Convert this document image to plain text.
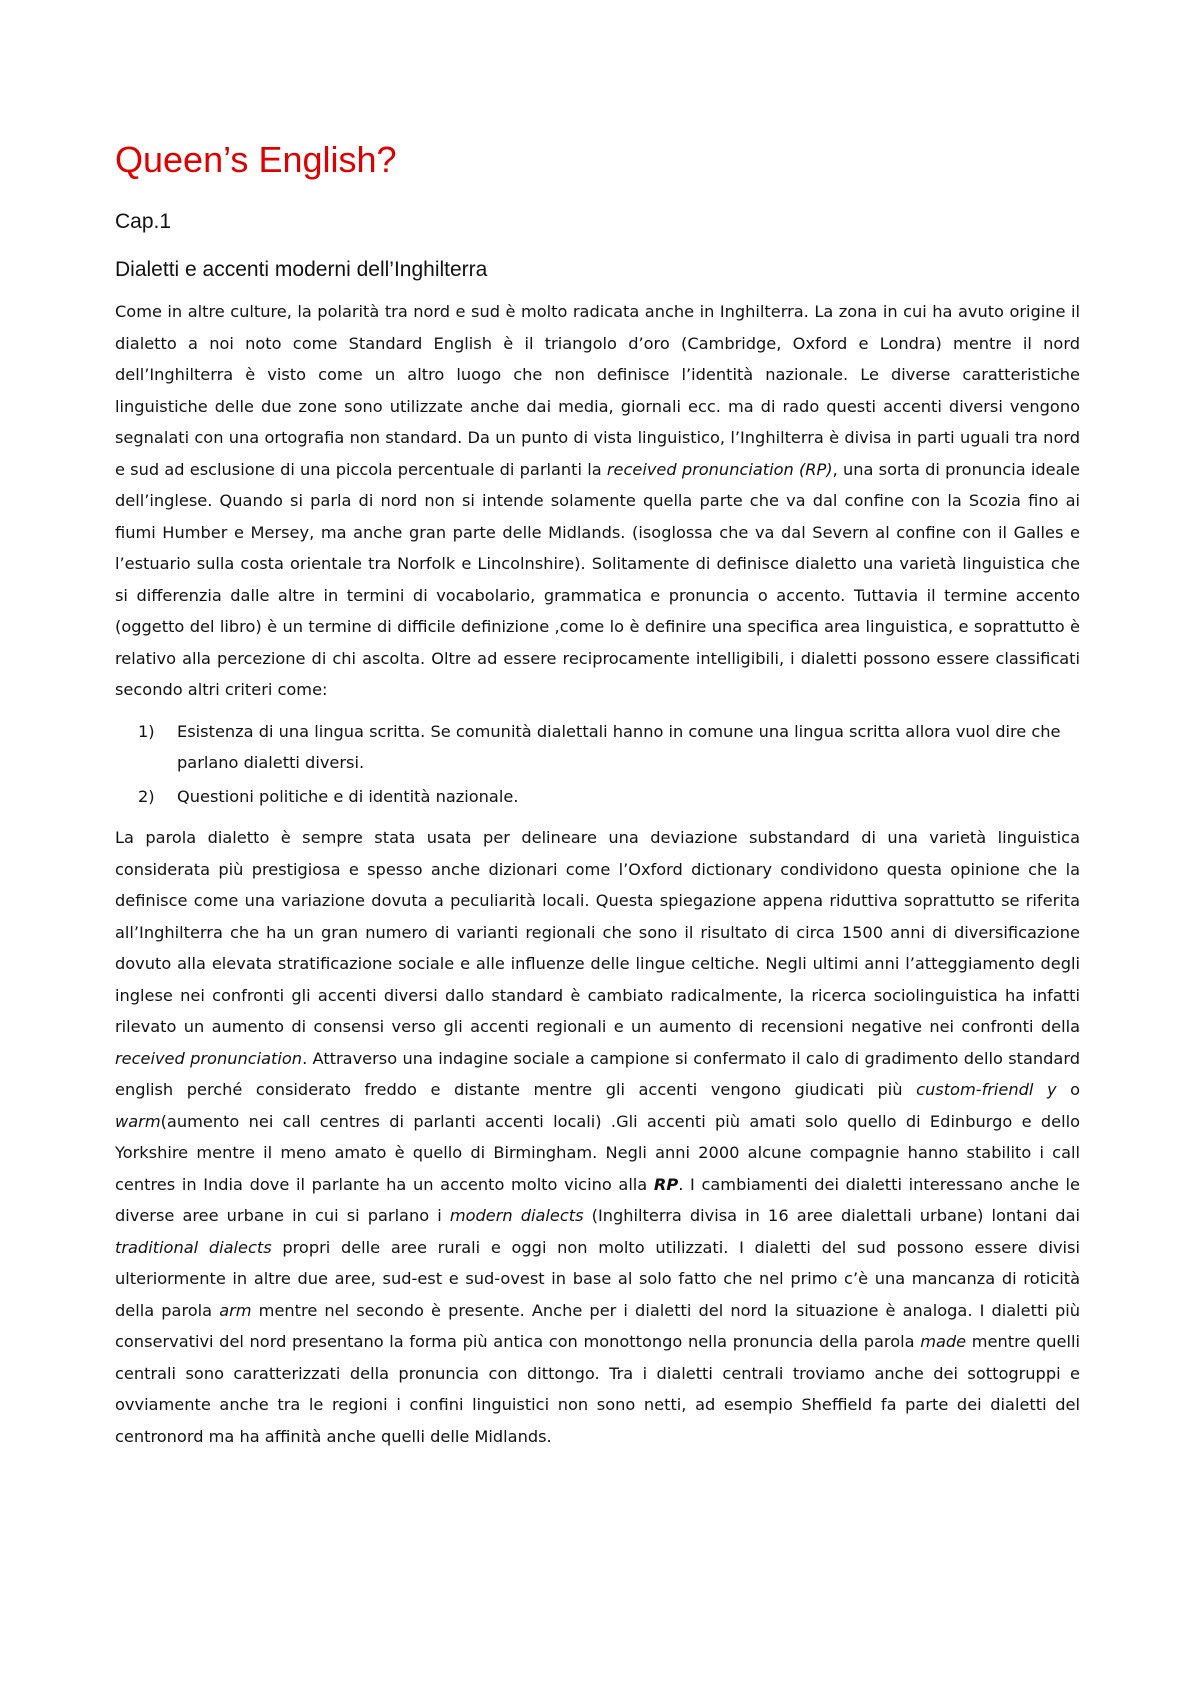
Queen’s English?
Cap.1
Dialetti e accenti moderni dell’Inghilterra

Come in altre culture, la polarità tra nord e sud è molto radicata anche in Inghilterra. La zona in cui ha avuto origine il dialetto a noi noto come Standard English è il triangolo d’oro (Cambridge, Oxford e Londra) mentre il nord dell’Inghilterra è visto come un altro luogo che non definisce l’identità nazionale. Le diverse caratteristiche linguistiche delle due zone sono utilizzate anche dai media, giornali ecc. ma di rado questi accenti diversi vengono segnalati con una ortografia non standard. Da un punto di vista linguistico, l’Inghilterra è divisa in parti uguali tra nord e sud ad esclusione di una piccola percentuale di parlanti la received pronunciation (RP), una sorta di pronuncia ideale dell’inglese. Quando si parla di nord non si intende solamente quella parte che va dal confine con la Scozia fino ai fiumi Humber e Mersey, ma anche gran parte delle Midlands. (isoglossa che va dal Severn al confine con il Galles e l’estuario sulla costa orientale tra Norfolk e Lincolnshire). Solitamente di definisce dialetto una varietà linguistica che si differenzia dalle altre in termini di vocabolario, grammatica e pronuncia o accento. Tuttavia il termine accento (oggetto del libro) è un termine di difficile definizione ,come lo è definire una specifica area linguistica, e soprattutto è relativo alla percezione di chi ascolta. Oltre ad essere reciprocamente intelligibili, i dialetti possono essere classificati secondo altri criteri come:

1) Esistenza di una lingua scritta. Se comunità dialettali hanno in comune una lingua scritta allora vuol dire che parlano dialetti diversi.
2) Questioni politiche e di identità nazionale.

La parola dialetto è sempre stata usata per delineare una deviazione substandard di una varietà linguistica considerata più prestigiosa e spesso anche dizionari come l’Oxford dictionary condividono questa opinione che la definisce come una variazione dovuta a peculiarità locali. Questa spiegazione appena riduttiva soprattutto se riferita all’Inghilterra che ha un gran numero di varianti regionali che sono il risultato di circa 1500 anni di diversificazione dovuto alla elevata stratificazione sociale e alle influenze delle lingue celtiche. Negli ultimi anni l’atteggiamento degli inglese nei confronti gli accenti diversi dallo standard è cambiato radicalmente, la ricerca sociolinguistica ha infatti rilevato un aumento di consensi verso gli accenti regionali e un aumento di recensioni negative nei confronti della received pronunciation. Attraverso una indagine sociale a campione si confermato il calo di gradimento dello standard english perché considerato freddo e distante mentre gli accenti vengono giudicati più custom-friendl y o warm(aumento nei call centres di parlanti accenti locali) .Gli accenti più amati solo quello di Edinburgo e dello Yorkshire mentre il meno amato è quello di Birmingham. Negli anni 2000 alcune compagnie hanno stabilito i call centres in India dove il parlante ha un accento molto vicino alla RP. I cambiamenti dei dialetti interessano anche le diverse aree urbane in cui si parlano i modern dialects (Inghilterra divisa in 16 aree dialettali urbane) lontani dai traditional dialects propri delle aree rurali e oggi non molto utilizzati. I dialetti del sud possono essere divisi ulteriormente in altre due aree, sud-est e sud-ovest in base al solo fatto che nel primo c’è una mancanza di roticità della parola arm mentre nel secondo è presente. Anche per i dialetti del nord la situazione è analoga. I dialetti più conservativi del nord presentano la forma più antica con monottongo nella pronuncia della parola made mentre quelli centrali sono caratterizzati della pronuncia con dittongo. Tra i dialetti centrali troviamo anche dei sottogruppi e ovviamente anche tra le regioni i confini linguistici non sono netti, ad esempio Sheffield fa parte dei dialetti del centronord ma ha affinità anche quelli delle Midlands.
